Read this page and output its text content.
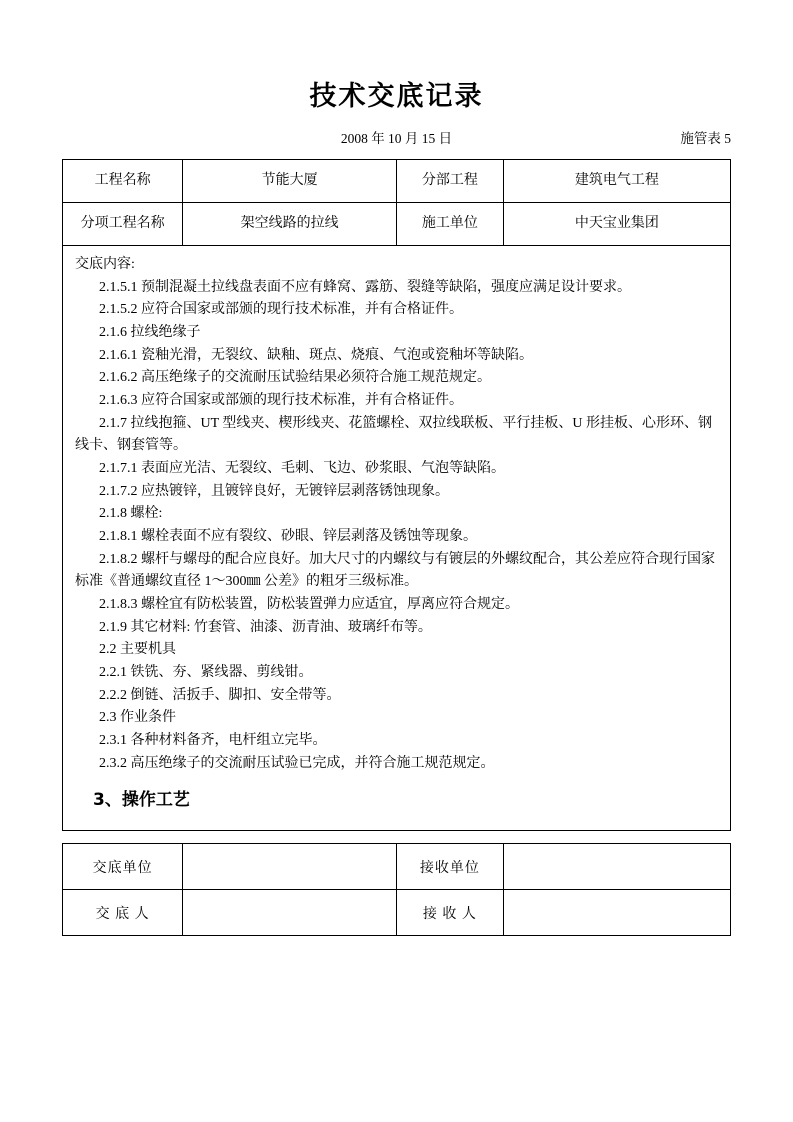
技术交底记录
2008 年 10 月 15 日	施管表 5
工程名称	节能大厦	分部工程	建筑电气工程
分项工程名称	架空线路的拉线	施工单位	中天宝业集团

交底内容:

2.1.5.1 预制混凝土拉线盘表面不应有蜂窝、露筋、裂缝等缺陷，强度应满足设计要求。

2.1.5.2 应符合国家或部颁的现行技术标准，并有合格证件。

2.1.6 拉线绝缘子

2.1.6.1 瓷釉光滑，无裂纹、缺釉、斑点、烧痕、气泡或瓷釉坏等缺陷。

2.1.6.2 高压绝缘子的交流耐压试验结果必须符合施工规范规定。

2.1.6.3 应符合国家或部颁的现行技术标准，并有合格证件。

2.1.7 拉线抱箍、UT 型线夹、楔形线夹、花篮螺栓、双拉线联板、平行挂板、U 形挂板、心形环、钢线卡、钢套管等。

2.1.7.1 表面应光洁、无裂纹、毛刺、飞边、砂浆眼、气泡等缺陷。

2.1.7.2 应热镀锌，且镀锌良好，无镀锌层剥落锈蚀现象。

2.1.8 螺栓:

2.1.8.1 螺栓表面不应有裂纹、砂眼、锌层剥落及锈蚀等现象。

2.1.8.2 螺杆与螺母的配合应良好。加大尺寸的内螺纹与有镀层的外螺纹配合，其公差应符合现行国家标准《普通螺纹直径 1～300㎜ 公差》的粗牙三级标准。

2.1.8.3 螺栓宜有防松装置，防松装置弹力应适宜，厚离应符合规定。

2.1.9 其它材料: 竹套管、油漆、沥青油、玻璃纤布等。

2.2 主要机具

2.2.1 铁铣、夯、紧线器、剪线钳。

2.2.2 倒链、活扳手、脚扣、安全带等。

2.3 作业条件

2.3.1 各种材料备齐，电杆组立完毕。

2.3.2 高压绝缘子的交流耐压试验已完成，并符合施工规范规定。

3、操作工艺

交底单位		接收单位	
交 底 人		接 收 人	
